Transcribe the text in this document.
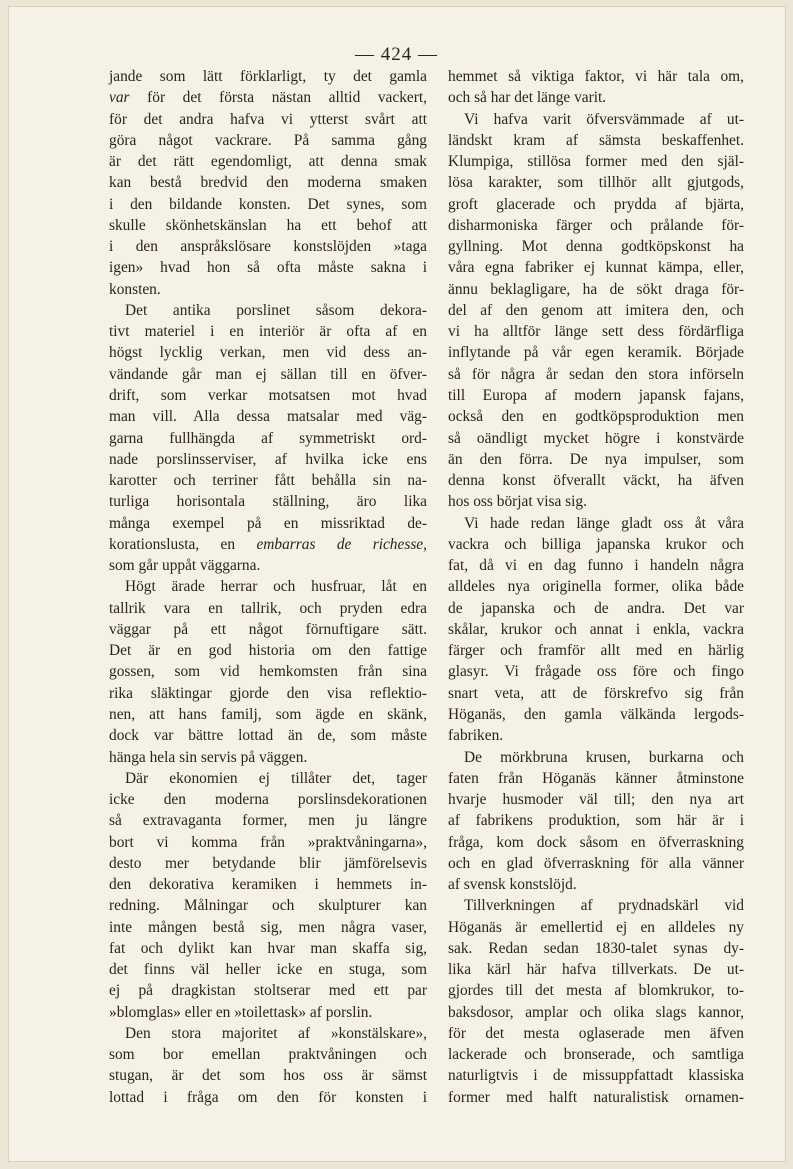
— 424 —
jande som lätt förklarligt, ty det gamla
var för det första nästan alltid vackert,
för det andra hafva vi ytterst svårt att
göra något vackrare. På samma gång
är det rätt egendomligt, att denna smak
kan bestå bredvid den moderna smaken
i den bildande konsten. Det synes, som
skulle skönhetskänslan ha ett behof att
i den anspråkslösare konstslöjden »taga
igen» hvad hon så ofta måste sakna i
konsten.
Det antika porslinet såsom dekora-
tivt materiel i en interiör är ofta af en
högst lycklig verkan, men vid dess an-
vändande går man ej sällan till en öfver-
drift, som verkar motsatsen mot hvad
man vill. Alla dessa matsalar med väg-
garna fullhängda af symmetriskt ord-
nade porslinsserviser, af hvilka icke ens
karotter och terriner fått behålla sin na-
turliga horisontala ställning, äro lika
många exempel på en missriktad de-
korationslusta, en embarras de richesse,
som går uppåt väggarna.
Högt ärade herrar och husfruar, låt en
tallrik vara en tallrik, och pryden edra
väggar på ett något förnuftigare sätt.
Det är en god historia om den fattige
gossen, som vid hemkomsten från sina
rika släktingar gjorde den visa reflektio-
nen, att hans familj, som ägde en skänk,
dock var bättre lottad än de, som måste
hänga hela sin servis på väggen.
Där ekonomien ej tillåter det, tager
icke den moderna porslinsdekorationen
så extravaganta former, men ju längre
bort vi komma från »praktvåningarna»,
desto mer betydande blir jämförelsevis
den dekorativa keramiken i hemmets in-
redning. Målningar och skulpturer kan
inte mången bestå sig, men några vaser,
fat och dylikt kan hvar man skaffa sig,
det finns väl heller icke en stuga, som
ej på dragkistan stoltserar med ett par
»blomglas» eller en »toilettask» af porslin.
Den stora majoritet af »konstälskare»,
som bor emellan praktvåningen och
stugan, är det som hos oss är sämst
lottad i fråga om den för konsten i
hemmet så viktiga faktor, vi här tala om,
och så har det länge varit.
Vi hafva varit öfversvämmade af ut-
ländskt kram af sämsta beskaffenhet.
Klumpiga, stillösa former med den själ-
lösa karakter, som tillhör allt gjutgods,
groft glacerade och prydda af bjärta,
disharmoniska färger och prålande för-
gyllning. Mot denna godtköpskonst ha
våra egna fabriker ej kunnat kämpa, eller,
ännu beklagligare, ha de sökt draga för-
del af den genom att imitera den, och
vi ha alltför länge sett dess fördärfliga
inflytande på vår egen keramik. Började
så för några år sedan den stora införseln
till Europa af modern japansk fajans,
också den en godtköpsproduktion men
så oändligt mycket högre i konstvärde
än den förra. De nya impulser, som
denna konst öfverallt väckt, ha äfven
hos oss börjat visa sig.
Vi hade redan länge gladt oss åt våra
vackra och billiga japanska krukor och
fat, då vi en dag funno i handeln några
alldeles nya originella former, olika både
de japanska och de andra. Det var
skålar, krukor och annat i enkla, vackra
färger och framför allt med en härlig
glasyr. Vi frågade oss före och fingo
snart veta, att de förskrefvo sig från
Höganäs, den gamla välkända lergods-
fabriken.
De mörkbruna krusen, burkarna och
faten från Höganäs känner åtminstone
hvarje husmoder väl till; den nya art
af fabrikens produktion, som här är i
fråga, kom dock såsom en öfverraskning
och en glad öfverraskning för alla vänner
af svensk konstslöjd.
Tillverkningen af prydnadskärl vid
Höganäs är emellertid ej en alldeles ny
sak. Redan sedan 1830-talet synas dy-
lika kärl här hafva tillverkats. De ut-
gjordes till det mesta af blomkrukor, to-
baksdosor, amplar och olika slags kannor,
för det mesta oglaserade men äfven
lackerade och bronserade, och samtliga
naturligtvis i de missuppfattadt klassiska
former med halft naturalistisk ornamen-
